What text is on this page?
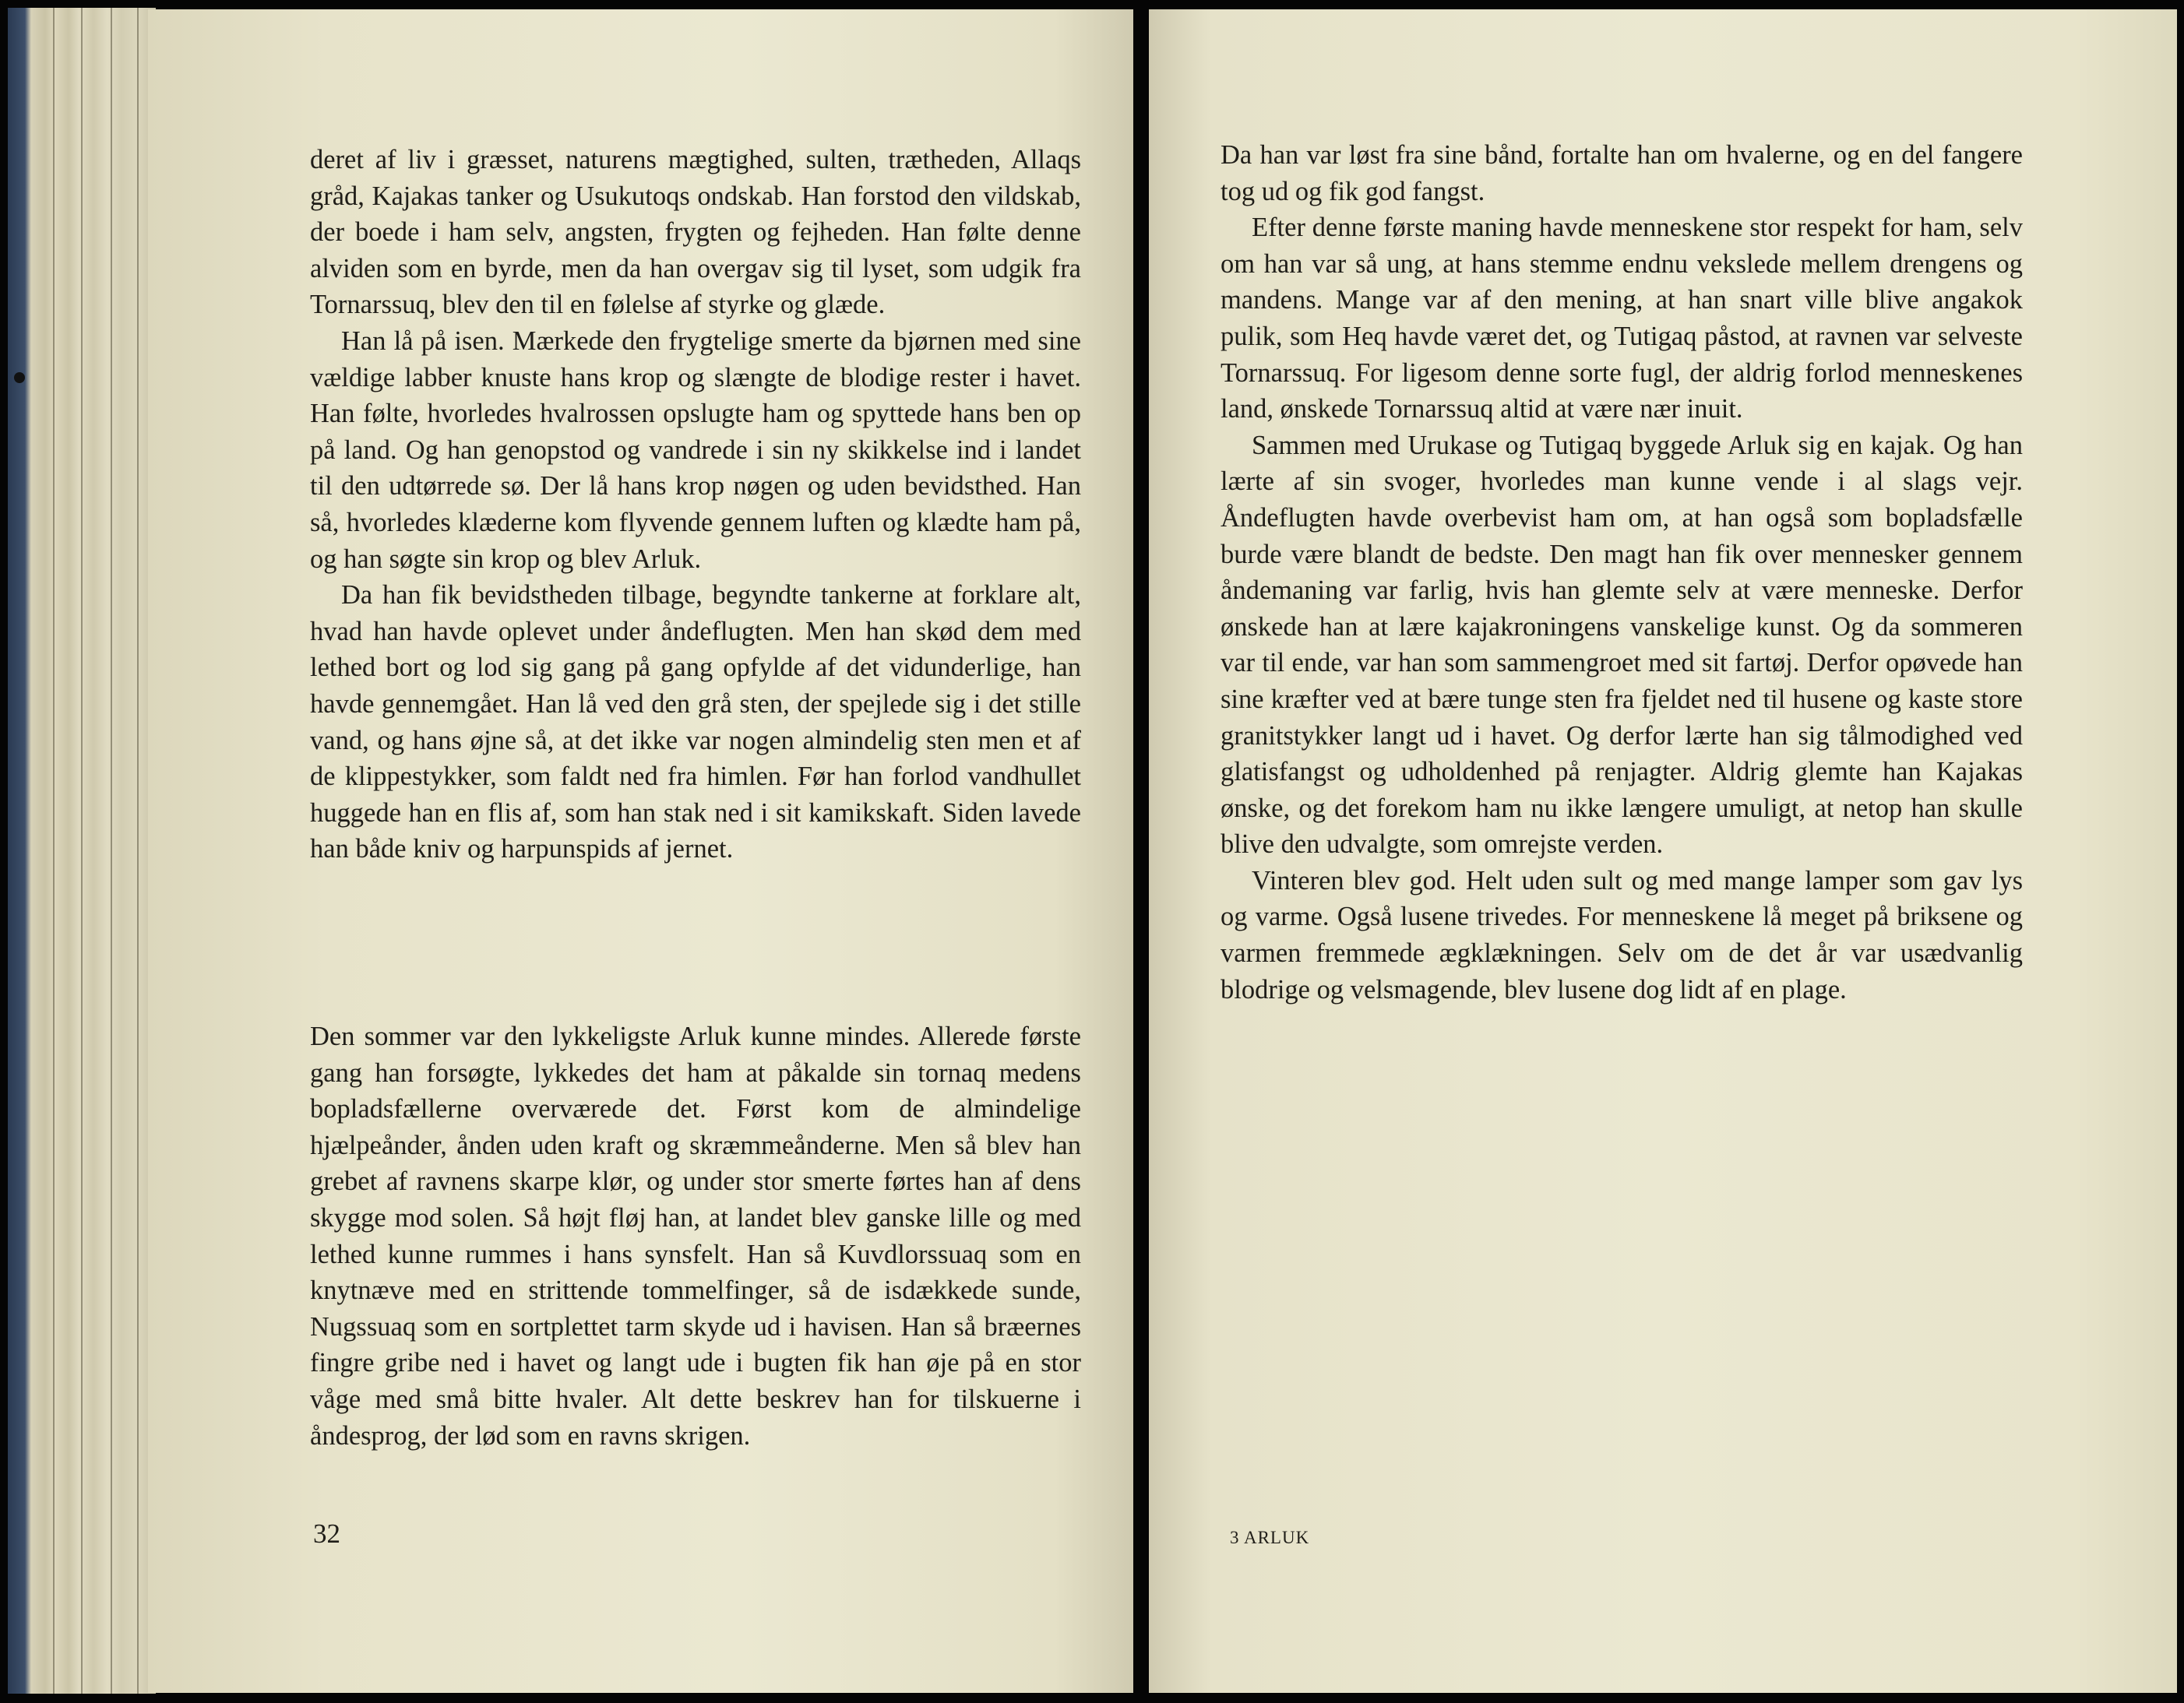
deret af liv i græsset, naturens mægtighed, sulten, trætheden, Allaqs gråd, Kajakas tanker og Usukutoqs ondskab. Han forstod den vildskab, der boede i ham selv, angsten, frygten og fejheden. Han følte denne alviden som en byrde, men da han overgav sig til lyset, som udgik fra Tornarssuq, blev den til en følelse af styrke og glæde.

Han lå på isen. Mærkede den frygtelige smerte da bjørnen med sine vældige labber knuste hans krop og slængte de blodige rester i havet. Han følte, hvorledes hvalrossen opslugte ham og spyttede hans ben op på land. Og han genopstod og vandrede i sin ny skikkelse ind i landet til den udtørrede sø. Der lå hans krop nøgen og uden bevidsthed. Han så, hvorledes klæderne kom flyvende gennem luften og klædte ham på, og han søgte sin krop og blev Arluk.

Da han fik bevidstheden tilbage, begyndte tankerne at forklare alt, hvad han havde oplevet under åndeflugten. Men han skød dem med lethed bort og lod sig gang på gang opfylde af det vidunderlige, han havde gennemgået. Han lå ved den grå sten, der spejlede sig i det stille vand, og hans øjne så, at det ikke var nogen almindelig sten men et af de klippestykker, som faldt ned fra himlen. Før han forlod vandhullet huggede han en flis af, som han stak ned i sit kamikskaft. Siden lavede han både kniv og harpunspids af jernet.

Den sommer var den lykkeligste Arluk kunne mindes. Allerede første gang han forsøgte, lykkedes det ham at påkalde sin tornaq medens bopladsfællerne overværede det. Først kom de almindelige hjælpeånder, ånden uden kraft og skræmmeånderne. Men så blev han grebet af ravnens skarpe klør, og under stor smerte førtes han af dens skygge mod solen. Så højt fløj han, at landet blev ganske lille og med lethed kunne rummes i hans synsfelt. Han så Kuvdlorssuaq som en knytnæve med en strittende tommelfinger, så de isdækkede sunde, Nugssuaq som en sortplettet tarm skyde ud i havisen. Han så bræernes fingre gribe ned i havet og langt ude i bugten fik han øje på en stor våge med små bitte hvaler. Alt dette beskrev han for tilskuerne i åndesprog, der lød som en ravns skrigen.

32

Da han var løst fra sine bånd, fortalte han om hvalerne, og en del fangere tog ud og fik god fangst.

Efter denne første maning havde menneskene stor respekt for ham, selv om han var så ung, at hans stemme endnu vekslede mellem drengens og mandens. Mange var af den mening, at han snart ville blive angakok pulik, som Heq havde været det, og Tutigaq påstod, at ravnen var selveste Tornarssuq. For ligesom denne sorte fugl, der aldrig forlod menneskenes land, ønskede Tornarssuq altid at være nær inuit.

Sammen med Urukase og Tutigaq byggede Arluk sig en kajak. Og han lærte af sin svoger, hvorledes man kunne vende i al slags vejr. Åndeflugten havde overbevist ham om, at han også som bopladsfælle burde være blandt de bedste. Den magt han fik over mennesker gennem åndemaning var farlig, hvis han glemte selv at være menneske. Derfor ønskede han at lære kajakroningens vanskelige kunst. Og da sommeren var til ende, var han som sammengroet med sit fartøj. Derfor opøvede han sine kræfter ved at bære tunge sten fra fjeldet ned til husene og kaste store granitstykker langt ud i havet. Og derfor lærte han sig tålmodighed ved glatisfangst og udholdenhed på renjagter. Aldrig glemte han Kajakas ønske, og det forekom ham nu ikke længere umuligt, at netop han skulle blive den udvalgte, som omrejste verden.

Vinteren blev god. Helt uden sult og med mange lamper som gav lys og varme. Også lusene trivedes. For menneskene lå meget på briksene og varmen fremmede ægklækningen. Selv om de det år var usædvanlig blodrige og velsmagende, blev lusene dog lidt af en plage.

3 ARLUK
